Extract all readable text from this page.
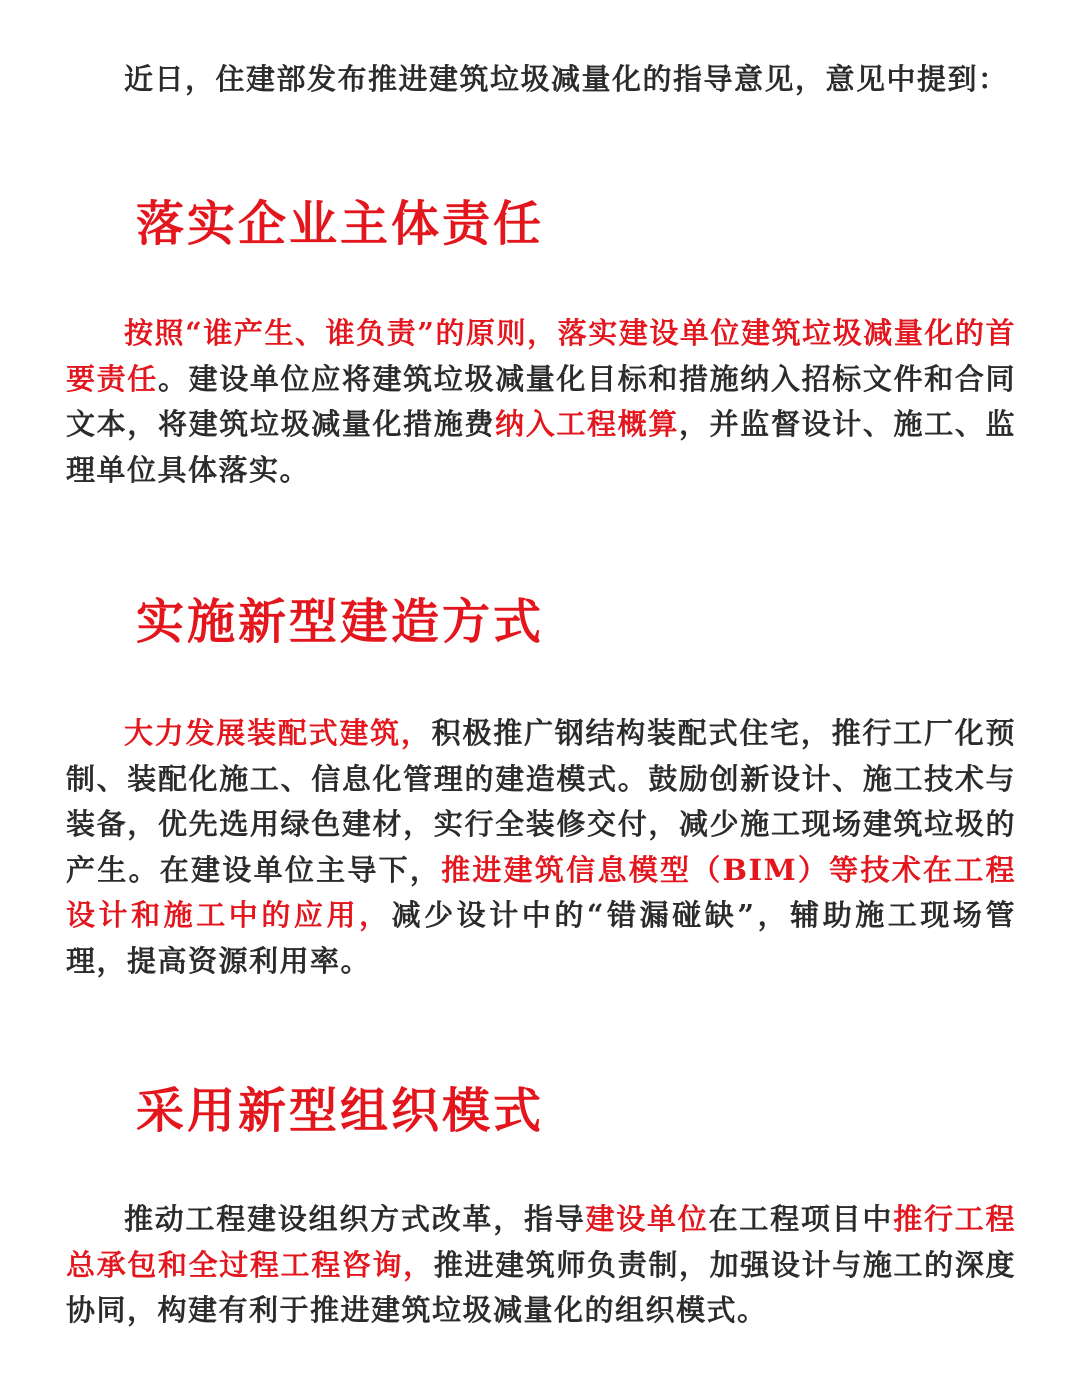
近日，住建部发布推进建筑垃圾减量化的指导意见，意见中提到：

落实企业主体责任

按照“谁产生、谁负责”的原则，落实建设单位建筑垃圾减量化的首要责任。建设单位应将建筑垃圾减量化目标和措施纳入招标文件和合同文本，将建筑垃圾减量化措施费纳入工程概算，并监督设计、施工、监理单位具体落实。

实施新型建造方式

大力发展装配式建筑，积极推广钢结构装配式住宅，推行工厂化预制、装配化施工、信息化管理的建造模式。鼓励创新设计、施工技术与装备，优先选用绿色建材，实行全装修交付，减少施工现场建筑垃圾的产生。在建设单位主导下，推进建筑信息模型（BIM）等技术在工程设计和施工中的应用，减少设计中的“错漏碰缺”，辅助施工现场管理，提高资源利用率。

采用新型组织模式

推动工程建设组织方式改革，指导建设单位在工程项目中推行工程总承包和全过程工程咨询，推进建筑师负责制，加强设计与施工的深度协同，构建有利于推进建筑垃圾减量化的组织模式。
